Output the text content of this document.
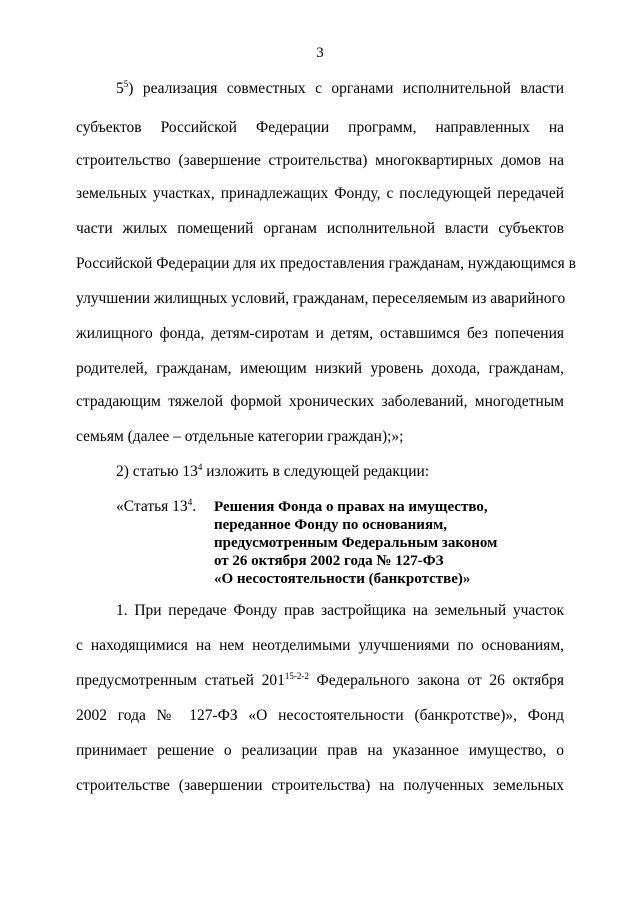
3
$5^5$) реализация совместных с органами исполнительной власти
субъектов Российской Федерации программ, направленных на
строительство (завершение строительства) многоквартирных домов на
земельных участках, принадлежащих Фонду, с последующей передачей
части жилых помещений органам исполнительной власти субъектов
Российской Федерации для их предоставления гражданам, нуждающимся в
улучшении жилищных условий, гражданам, переселяемым из аварийного
жилищного фонда, детям-сиротам и детям, оставшимся без попечения
родителей, гражданам, имеющим низкий уровень дохода, гражданам,
страдающим тяжелой формой хронических заболеваний, многодетным
семьям (далее – отдельные категории граждан);»;
2) статью $13^4$ изложить в следующей редакции:
«Статья $13^4$. Решения Фонда о правах на имущество,
переданное Фонду по основаниям,
предусмотренным Федеральным законом
от 26 октября 2002 года № 127-ФЗ
«О несостоятельности (банкротстве)»
1. При передаче Фонду прав застройщика на земельный участок
с находящимися на нем неотделимыми улучшениями по основаниям,
предусмотренным статьей 201$^{15-2-2}$ Федерального закона от 26 октября
2002 года № 127-ФЗ «О несостоятельности (банкротстве)», Фонд
принимает решение о реализации прав на указанное имущество, о
строительстве (завершении строительства) на полученных земельных
